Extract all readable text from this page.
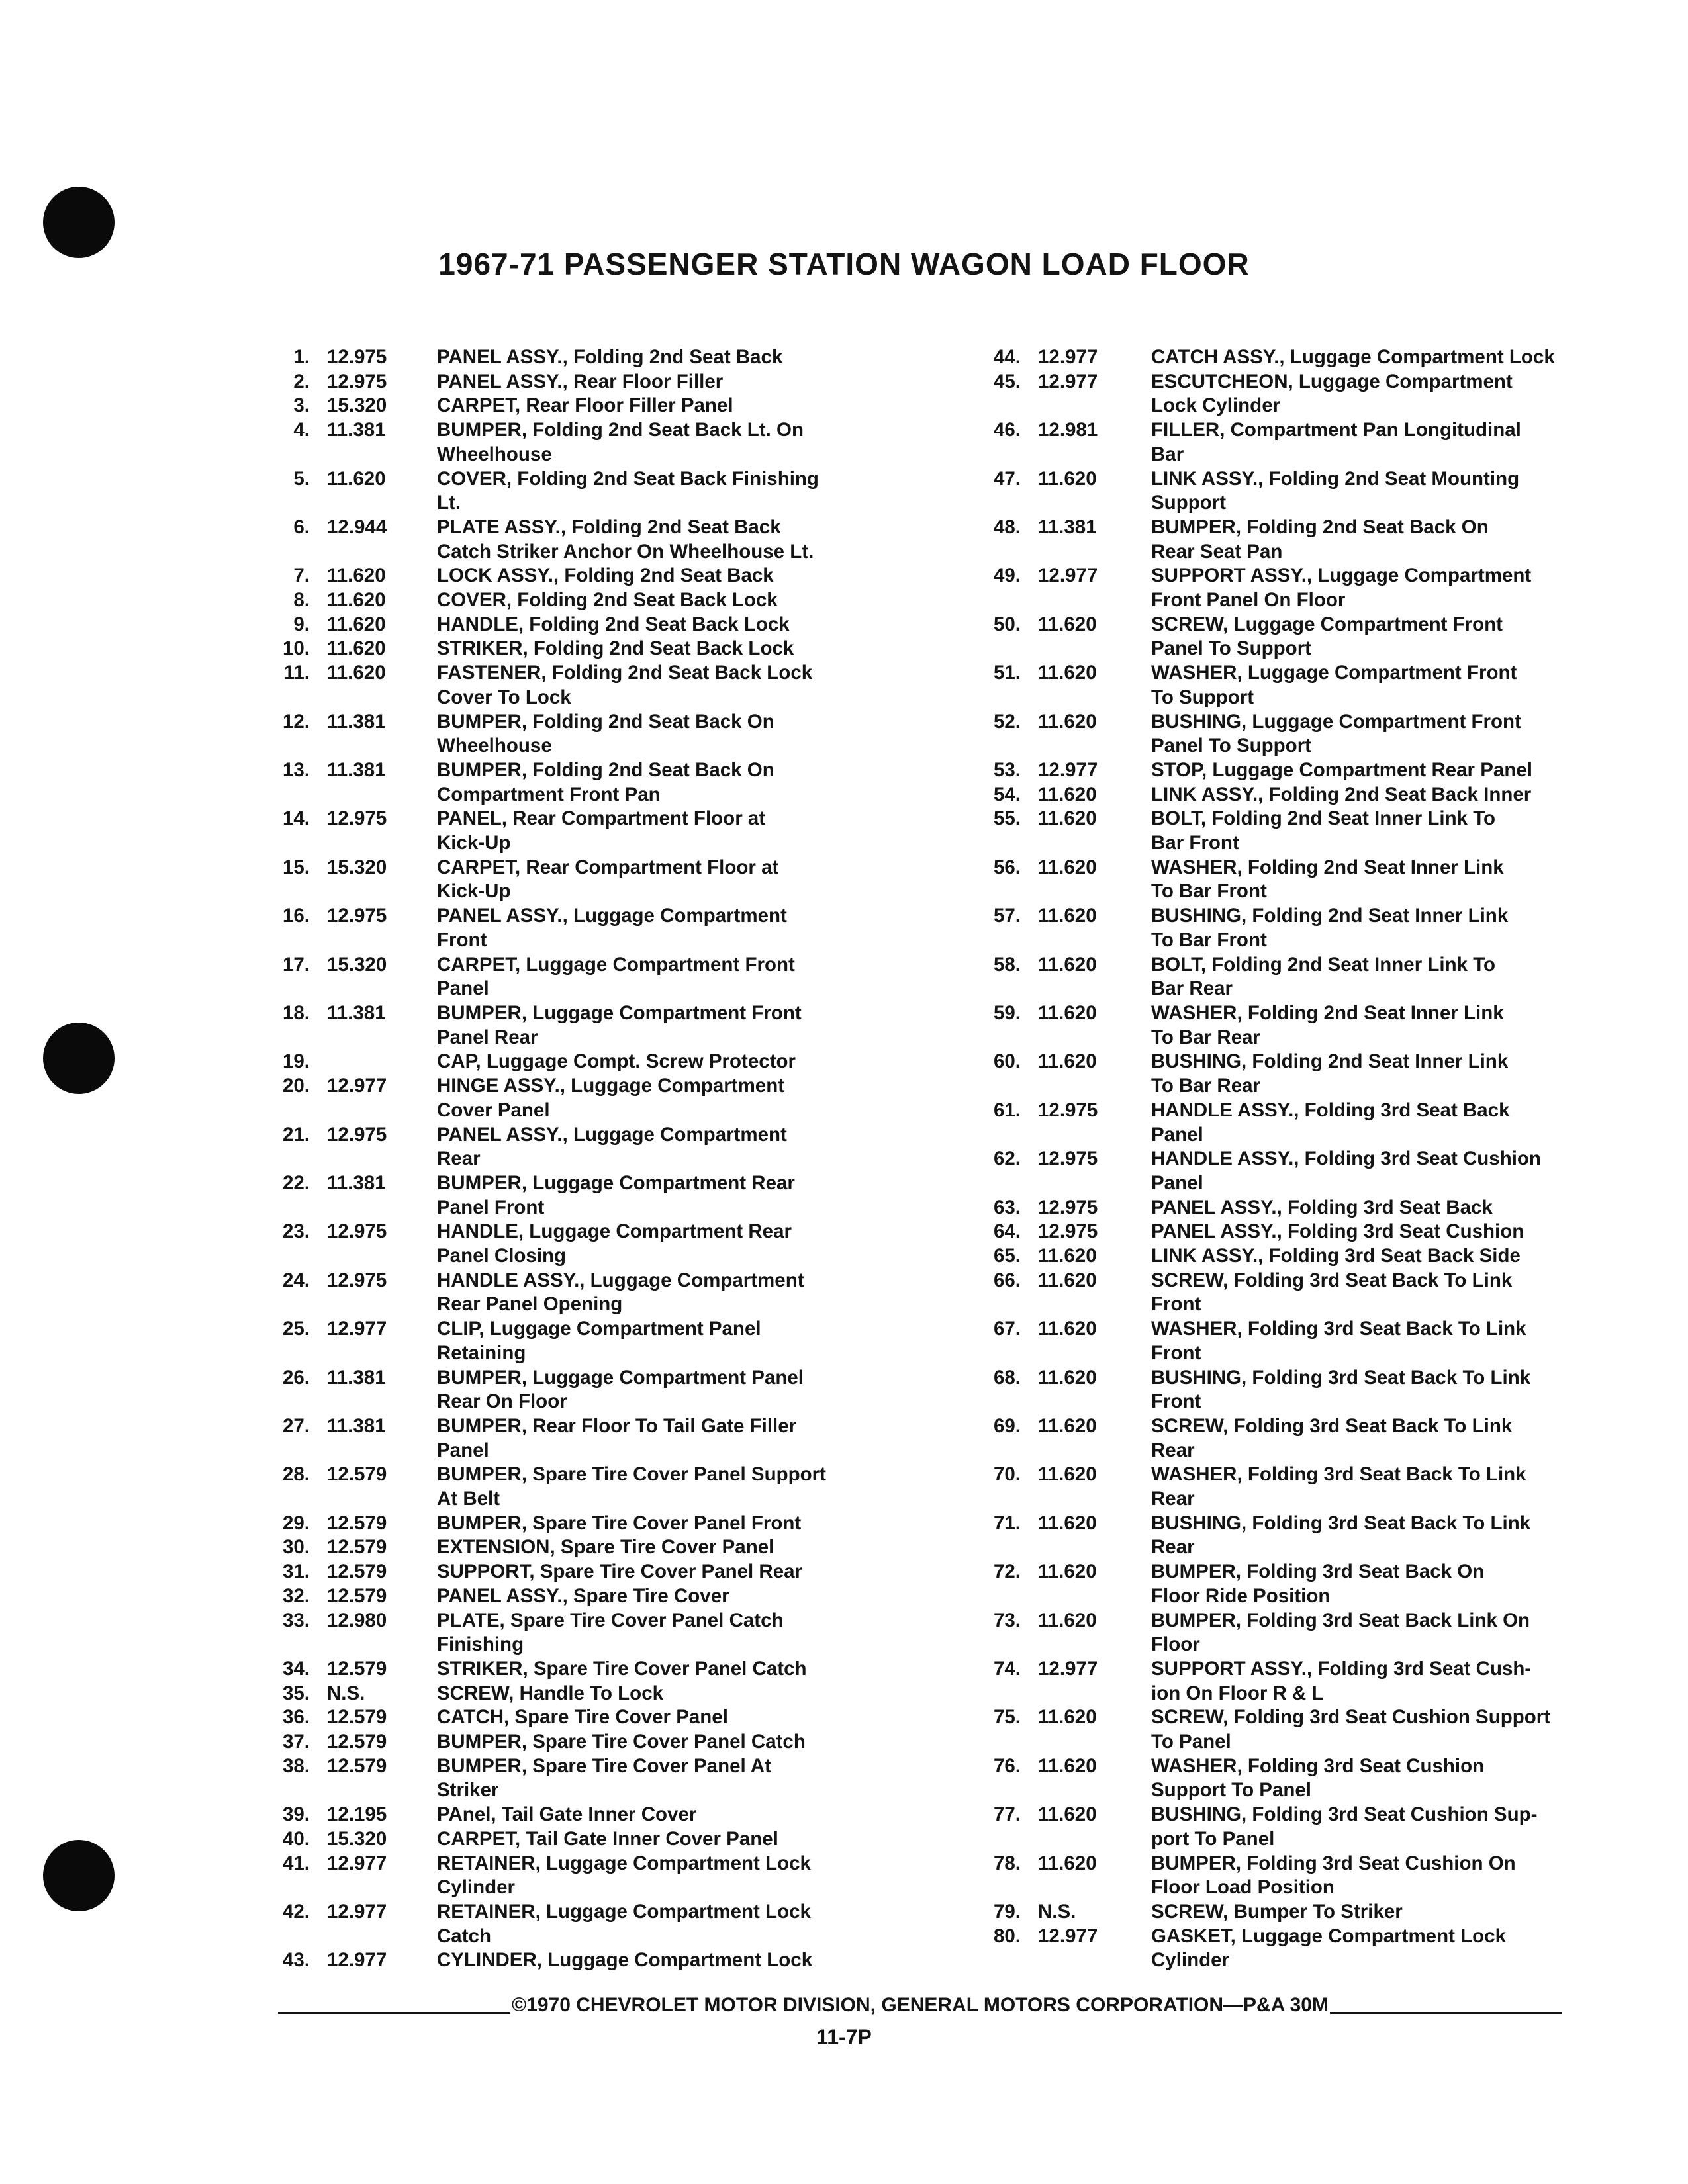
1967-71 PASSENGER STATION WAGON LOAD FLOOR
1. 12.975	PANEL ASSY., Folding 2nd Seat Back
2. 12.975	PANEL ASSY., Rear Floor Filler
3. 15.320	CARPET, Rear Floor Filler Panel
4. 11.381	BUMPER, Folding 2nd Seat Back Lt. On
Wheelhouse
5. 11.620	COVER, Folding 2nd Seat Back Finishing
Lt.
6. 12.944	PLATE ASSY., Folding 2nd Seat Back
Catch Striker Anchor On Wheelhouse Lt.
7. 11.620	LOCK ASSY., Folding 2nd Seat Back
8. 11.620	COVER, Folding 2nd Seat Back Lock
9. 11.620	HANDLE, Folding 2nd Seat Back Lock
10. 11.620	STRIKER, Folding 2nd Seat Back Lock
11. 11.620	FASTENER, Folding 2nd Seat Back Lock
Cover To Lock
12. 11.381	BUMPER, Folding 2nd Seat Back On
Wheelhouse
13. 11.381	BUMPER, Folding 2nd Seat Back On
Compartment Front Pan
14. 12.975	PANEL, Rear Compartment Floor at
Kick-Up
15. 15.320	CARPET, Rear Compartment Floor at
Kick-Up
16. 12.975	PANEL ASSY., Luggage Compartment
Front
17. 15.320	CARPET, Luggage Compartment Front
Panel
18. 11.381	BUMPER, Luggage Compartment Front
Panel Rear
19.	CAP, Luggage Compt. Screw Protector
20. 12.977	HINGE ASSY., Luggage Compartment
Cover Panel
21. 12.975	PANEL ASSY., Luggage Compartment
Rear
22. 11.381	BUMPER, Luggage Compartment Rear
Panel Front
23. 12.975	HANDLE, Luggage Compartment Rear
Panel Closing
24. 12.975	HANDLE ASSY., Luggage Compartment
Rear Panel Opening
25. 12.977	CLIP, Luggage Compartment Panel
Retaining
26. 11.381	BUMPER, Luggage Compartment Panel
Rear On Floor
27. 11.381	BUMPER, Rear Floor To Tail Gate Filler
Panel
28. 12.579	BUMPER, Spare Tire Cover Panel Support
At Belt
29. 12.579	BUMPER, Spare Tire Cover Panel Front
30. 12.579	EXTENSION, Spare Tire Cover Panel
31. 12.579	SUPPORT, Spare Tire Cover Panel Rear
32. 12.579	PANEL ASSY., Spare Tire Cover
33. 12.980	PLATE, Spare Tire Cover Panel Catch
Finishing
34. 12.579	STRIKER, Spare Tire Cover Panel Catch
35. N.S.	SCREW, Handle To Lock
36. 12.579	CATCH, Spare Tire Cover Panel
37. 12.579	BUMPER, Spare Tire Cover Panel Catch
38. 12.579	BUMPER, Spare Tire Cover Panel At
Striker
39. 12.195	PAnel, Tail Gate Inner Cover
40. 15.320	CARPET, Tail Gate Inner Cover Panel
41. 12.977	RETAINER, Luggage Compartment Lock
Cylinder
42. 12.977	RETAINER, Luggage Compartment Lock
Catch
43. 12.977	CYLINDER, Luggage Compartment Lock
44. 12.977	CATCH ASSY., Luggage Compartment Lock
45. 12.977	ESCUTCHEON, Luggage Compartment
Lock Cylinder
46. 12.981	FILLER, Compartment Pan Longitudinal
Bar
47. 11.620	LINK ASSY., Folding 2nd Seat Mounting
Support
48. 11.381	BUMPER, Folding 2nd Seat Back On
Rear Seat Pan
49. 12.977	SUPPORT ASSY., Luggage Compartment
Front Panel On Floor
50. 11.620	SCREW, Luggage Compartment Front
Panel To Support
51. 11.620	WASHER, Luggage Compartment Front
To Support
52. 11.620	BUSHING, Luggage Compartment Front
Panel To Support
53. 12.977	STOP, Luggage Compartment Rear Panel
54. 11.620	LINK ASSY., Folding 2nd Seat Back Inner
55. 11.620	BOLT, Folding 2nd Seat Inner Link To
Bar Front
56. 11.620	WASHER, Folding 2nd Seat Inner Link
To Bar Front
57. 11.620	BUSHING, Folding 2nd Seat Inner Link
To Bar Front
58. 11.620	BOLT, Folding 2nd Seat Inner Link To
Bar Rear
59. 11.620	WASHER, Folding 2nd Seat Inner Link
To Bar Rear
60. 11.620	BUSHING, Folding 2nd Seat Inner Link
To Bar Rear
61. 12.975	HANDLE ASSY., Folding 3rd Seat Back
Panel
62. 12.975	HANDLE ASSY., Folding 3rd Seat Cushion
Panel
63. 12.975	PANEL ASSY., Folding 3rd Seat Back
64. 12.975	PANEL ASSY., Folding 3rd Seat Cushion
65. 11.620	LINK ASSY., Folding 3rd Seat Back Side
66. 11.620	SCREW, Folding 3rd Seat Back To Link
Front
67. 11.620	WASHER, Folding 3rd Seat Back To Link
Front
68. 11.620	BUSHING, Folding 3rd Seat Back To Link
Front
69. 11.620	SCREW, Folding 3rd Seat Back To Link
Rear
70. 11.620	WASHER, Folding 3rd Seat Back To Link
Rear
71. 11.620	BUSHING, Folding 3rd Seat Back To Link
Rear
72. 11.620	BUMPER, Folding 3rd Seat Back On
Floor Ride Position
73. 11.620	BUMPER, Folding 3rd Seat Back Link On
Floor
74. 12.977	SUPPORT ASSY., Folding 3rd Seat Cush-
ion On Floor R & L
75. 11.620	SCREW, Folding 3rd Seat Cushion Support
To Panel
76. 11.620	WASHER, Folding 3rd Seat Cushion
Support To Panel
77. 11.620	BUSHING, Folding 3rd Seat Cushion Sup-
port To Panel
78. 11.620	BUMPER, Folding 3rd Seat Cushion On
Floor Load Position
79. N.S.	SCREW, Bumper To Striker
80. 12.977	GASKET, Luggage Compartment Lock
Cylinder
©1970 CHEVROLET MOTOR DIVISION, GENERAL MOTORS CORPORATION—P&A 30M
11-7P
